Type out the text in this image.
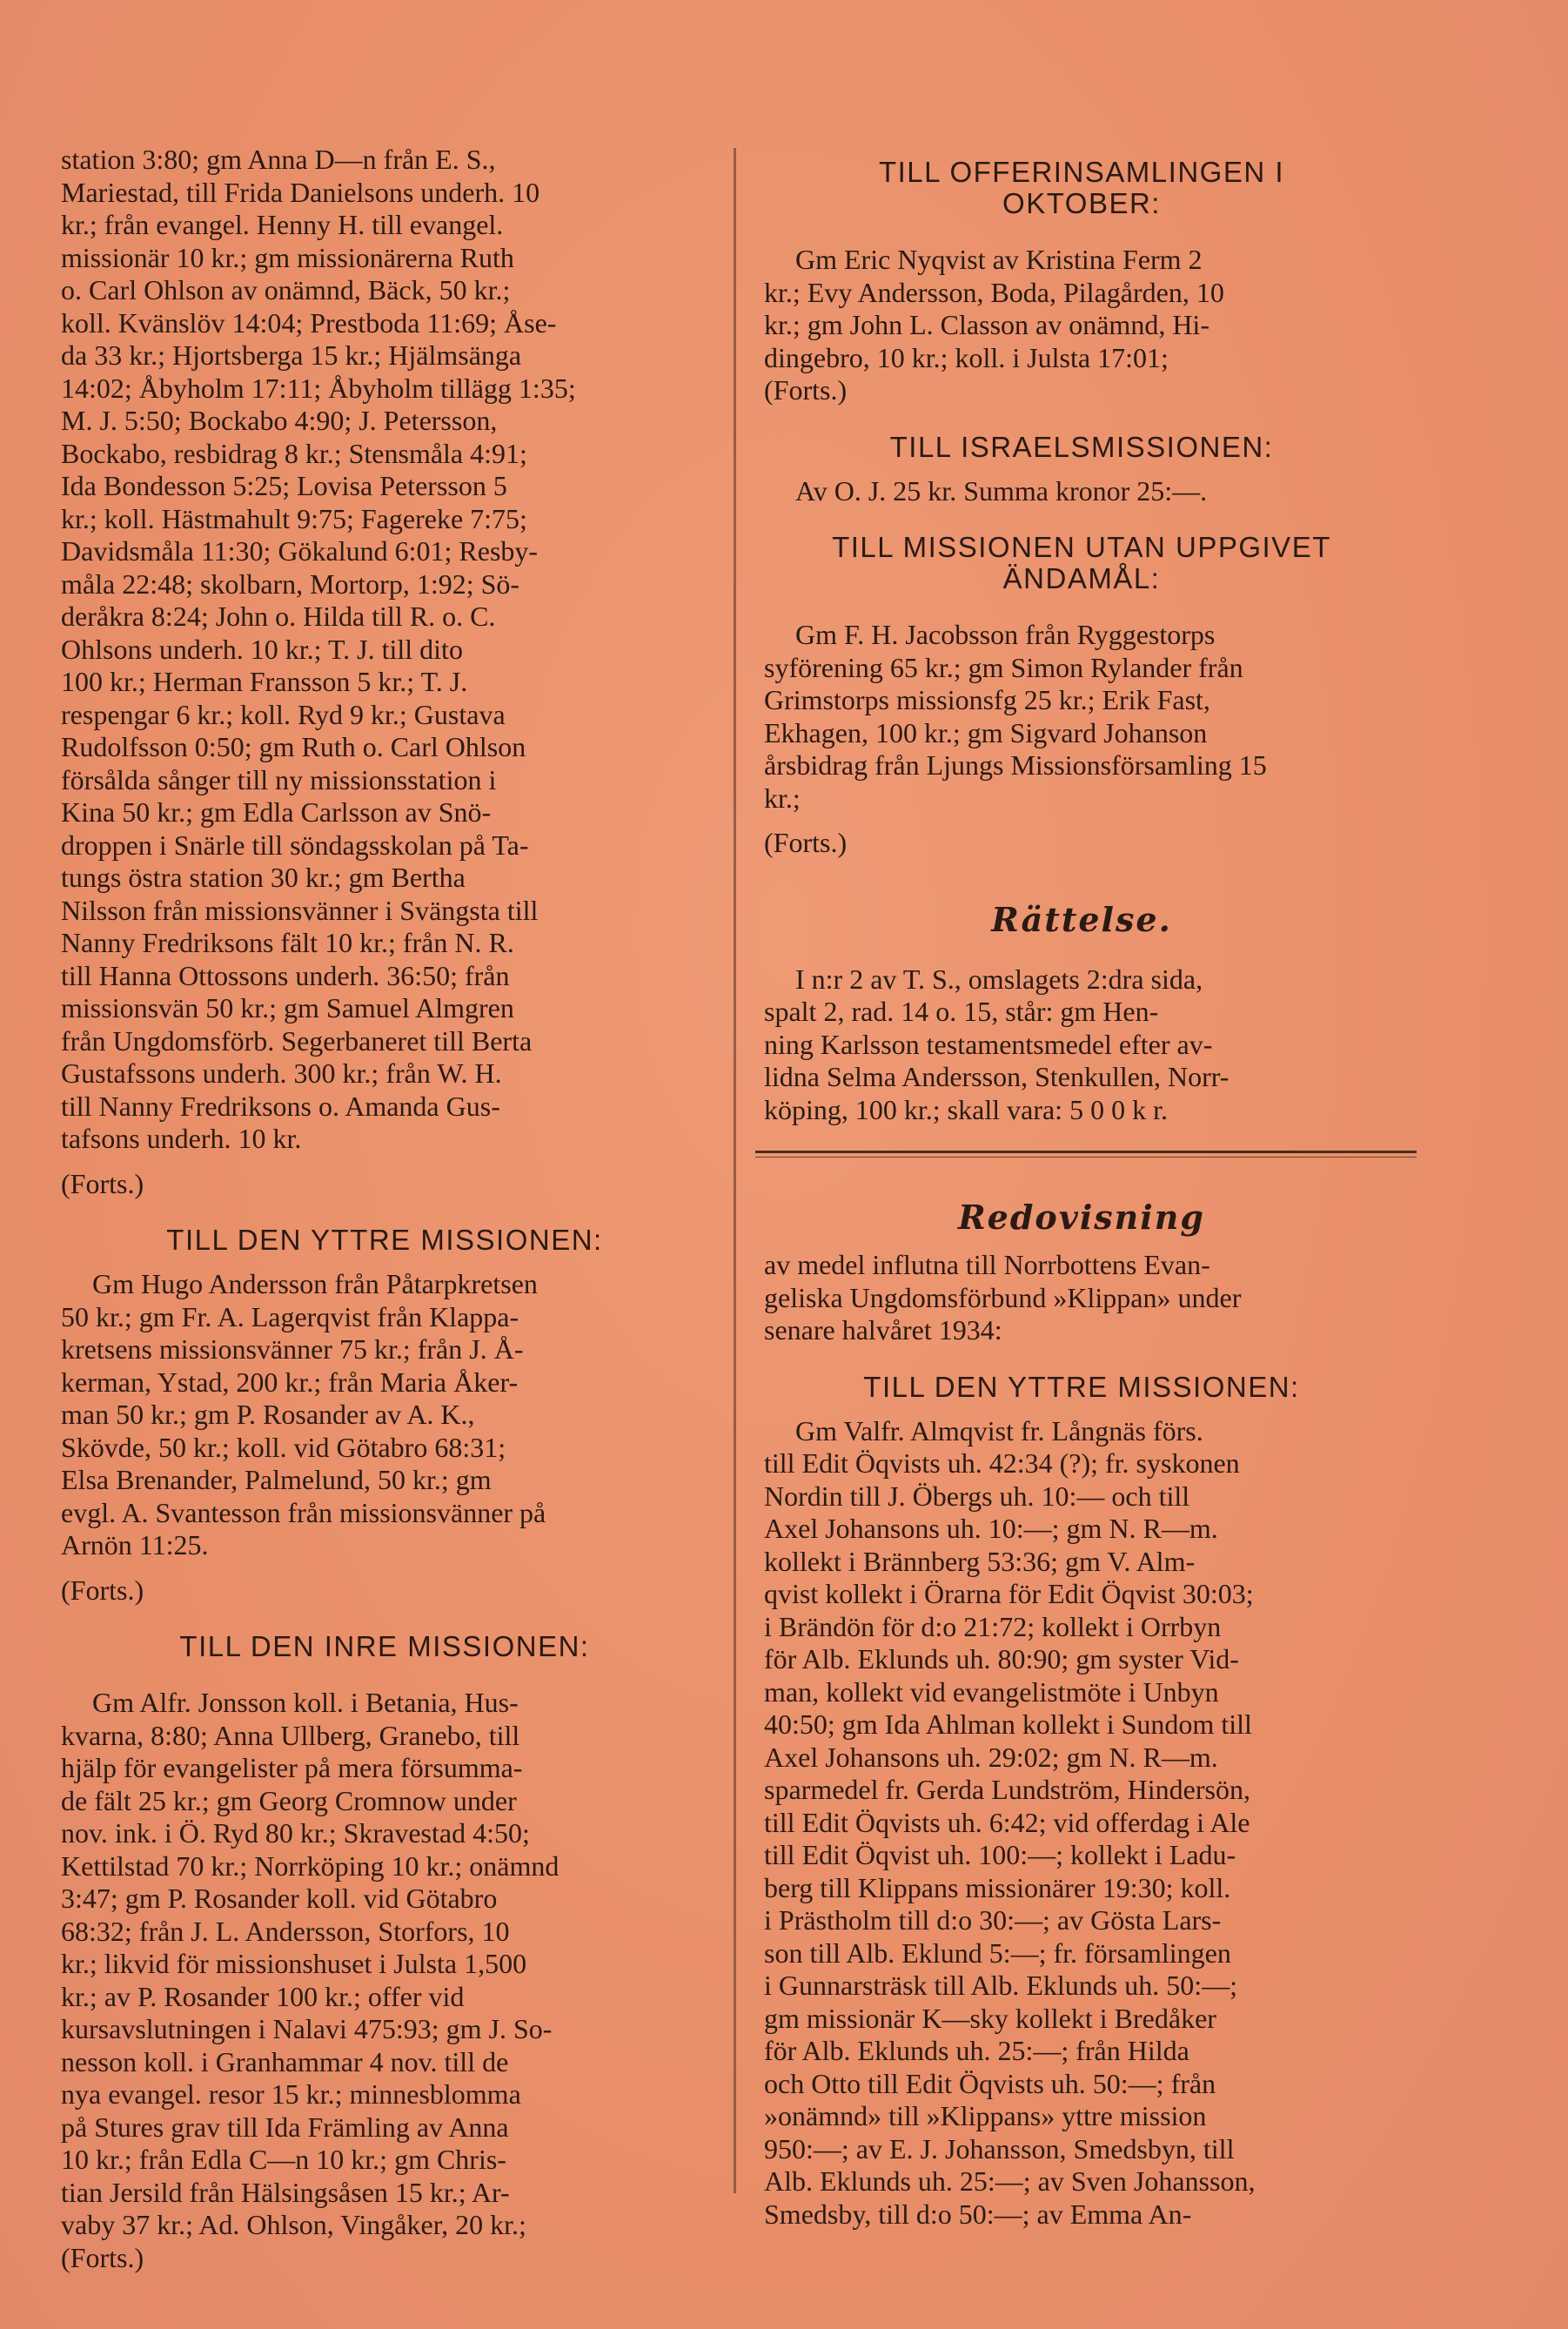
station 3:80; gm Anna D—n från E. S.,
Mariestad, till Frida Danielsons underh. 10
kr.; från evangel. Henny H. till evangel.
missionär 10 kr.; gm missionärerna Ruth
o. Carl Ohlson av onämnd, Bäck, 50 kr.;
koll. Kvänslöv 14:04; Prestboda 11:69; Åse-
da 33 kr.; Hjortsberga 15 kr.; Hjälmsänga
14:02; Åbyholm 17:11; Åbyholm tillägg 1:35;
M. J. 5:50; Bockabo 4:90; J. Petersson,
Bockabo, resbidrag 8 kr.; Stensmåla 4:91;
Ida Bondesson 5:25; Lovisa Petersson 5
kr.; koll. Hästmahult 9:75; Fagereke 7:75;
Davidsmåla 11:30; Gökalund 6:01; Resby-
måla 22:48; skolbarn, Mortorp, 1:92; Sö-
deråkra 8:24; John o. Hilda till R. o. C.
Ohlsons underh. 10 kr.; T. J. till dito
100 kr.; Herman Fransson 5 kr.; T. J.
respengar 6 kr.; koll. Ryd 9 kr.; Gustava
Rudolfsson 0:50; gm Ruth o. Carl Ohlson
försålda sånger till ny missionsstation i
Kina 50 kr.; gm Edla Carlsson av Snö-
droppen i Snärle till söndagsskolan på Ta-
tungs östra station 30 kr.; gm Bertha
Nilsson från missionsvänner i Svängsta till
Nanny Fredriksons fält 10 kr.; från N. R.
till Hanna Ottossons underh. 36:50; från
missionsvän 50 kr.; gm Samuel Almgren
från Ungdomsförb. Segerbaneret till Berta
Gustafssons underh. 300 kr.; från W. H.
till Nanny Fredriksons o. Amanda Gus-
tafsons underh. 10 kr.

(Forts.)

TILL DEN YTTRE MISSIONEN:

Gm Hugo Andersson från Påtarpkretsen
50 kr.; gm Fr. A. Lagerqvist från Klappa-
kretsens missionsvänner 75 kr.; från J. Å-
kerman, Ystad, 200 kr.; från Maria Åker-
man 50 kr.; gm P. Rosander av A. K.,
Skövde, 50 kr.; koll. vid Götabro 68:31;
Elsa Brenander, Palmelund, 50 kr.; gm
evgl. A. Svantesson från missionsvänner på
Arnön 11:25.

(Forts.)

TILL DEN INRE MISSIONEN:

Gm Alfr. Jonsson koll. i Betania, Hus-
kvarna, 8:80; Anna Ullberg, Granebo, till
hjälp för evangelister på mera försumma-
de fält 25 kr.; gm Georg Cromnow under
nov. ink. i Ö. Ryd 80 kr.; Skravestad 4:50;
Kettilstad 70 kr.; Norrköping 10 kr.; onämnd
3:47; gm P. Rosander koll. vid Götabro
68:32; från J. L. Andersson, Storfors, 10
kr.; likvid för missionshuset i Julsta 1,500
kr.; av P. Rosander 100 kr.; offer vid
kursavslutningen i Nalavi 475:93; gm J. So-
nesson koll. i Granhammar 4 nov. till de
nya evangel. resor 15 kr.; minnesblomma
på Stures grav till Ida Främling av Anna
10 kr.; från Edla C—n 10 kr.; gm Chris-
tian Jersild från Hälsingsåsen 15 kr.; Ar-
vaby 37 kr.; Ad. Ohlson, Vingåker, 20 kr.;

(Forts.)

TILL OFFERINSAMLINGEN I
OKTOBER:

Gm Eric Nyqvist av Kristina Ferm 2
kr.; Evy Andersson, Boda, Pilagården, 10
kr.; gm John L. Classon av onämnd, Hi-
dingebro, 10 kr.; koll. i Julsta 17:01;

(Forts.)

TILL ISRAELSMISSIONEN:

Av O. J. 25 kr. Summa kronor 25:—.

TILL MISSIONEN UTAN UPPGIVET
ÄNDAMÅL:

Gm F. H. Jacobsson från Ryggestorps
syförening 65 kr.; gm Simon Rylander från
Grimstorps missionsfg 25 kr.; Erik Fast,
Ekhagen, 100 kr.; gm Sigvard Johanson
årsbidrag från Ljungs Missionsförsamling 15
kr.;

(Forts.)

Rättelse.

I n:r 2 av T. S., omslagets 2:dra sida,
spalt 2, rad. 14 o. 15, står: gm Hen-
ning Karlsson testamentsmedel efter av-
lidna Selma Andersson, Stenkullen, Norr-
köping, 100 kr.; skall vara: 5 0 0 k r.

Redovisning

av medel influtna till Norrbottens Evan-
geliska Ungdomsförbund »Klippan» under
senare halvåret 1934:

TILL DEN YTTRE MISSIONEN:

Gm Valfr. Almqvist fr. Långnäs förs.
till Edit Öqvists uh. 42:34 (?); fr. syskonen
Nordin till J. Öbergs uh. 10:— och till
Axel Johansons uh. 10:—; gm N. R—m.
kollekt i Brännberg 53:36; gm V. Alm-
qvist kollekt i Örarna för Edit Öqvist 30:03;
i Brändön för d:o 21:72; kollekt i Orrbyn
för Alb. Eklunds uh. 80:90; gm syster Vid-
man, kollekt vid evangelistmöte i Unbyn
40:50; gm Ida Ahlman kollekt i Sundom till
Axel Johansons uh. 29:02; gm N. R—m.
sparmedel fr. Gerda Lundström, Hindersön,
till Edit Öqvists uh. 6:42; vid offerdag i Ale
till Edit Öqvist uh. 100:—; kollekt i Ladu-
berg till Klippans missionärer 19:30; koll.
i Prästholm till d:o 30:—; av Gösta Lars-
son till Alb. Eklund 5:—; fr. församlingen
i Gunnarsträsk till Alb. Eklunds uh. 50:—;
gm missionär K—sky kollekt i Bredåker
för Alb. Eklunds uh. 25:—; från Hilda
och Otto till Edit Öqvists uh. 50:—; från
»onämnd» till »Klippans» yttre mission
950:—; av E. J. Johansson, Smedsbyn, till
Alb. Eklunds uh. 25:—; av Sven Johansson,
Smedsby, till d:o 50:—; av Emma An-
